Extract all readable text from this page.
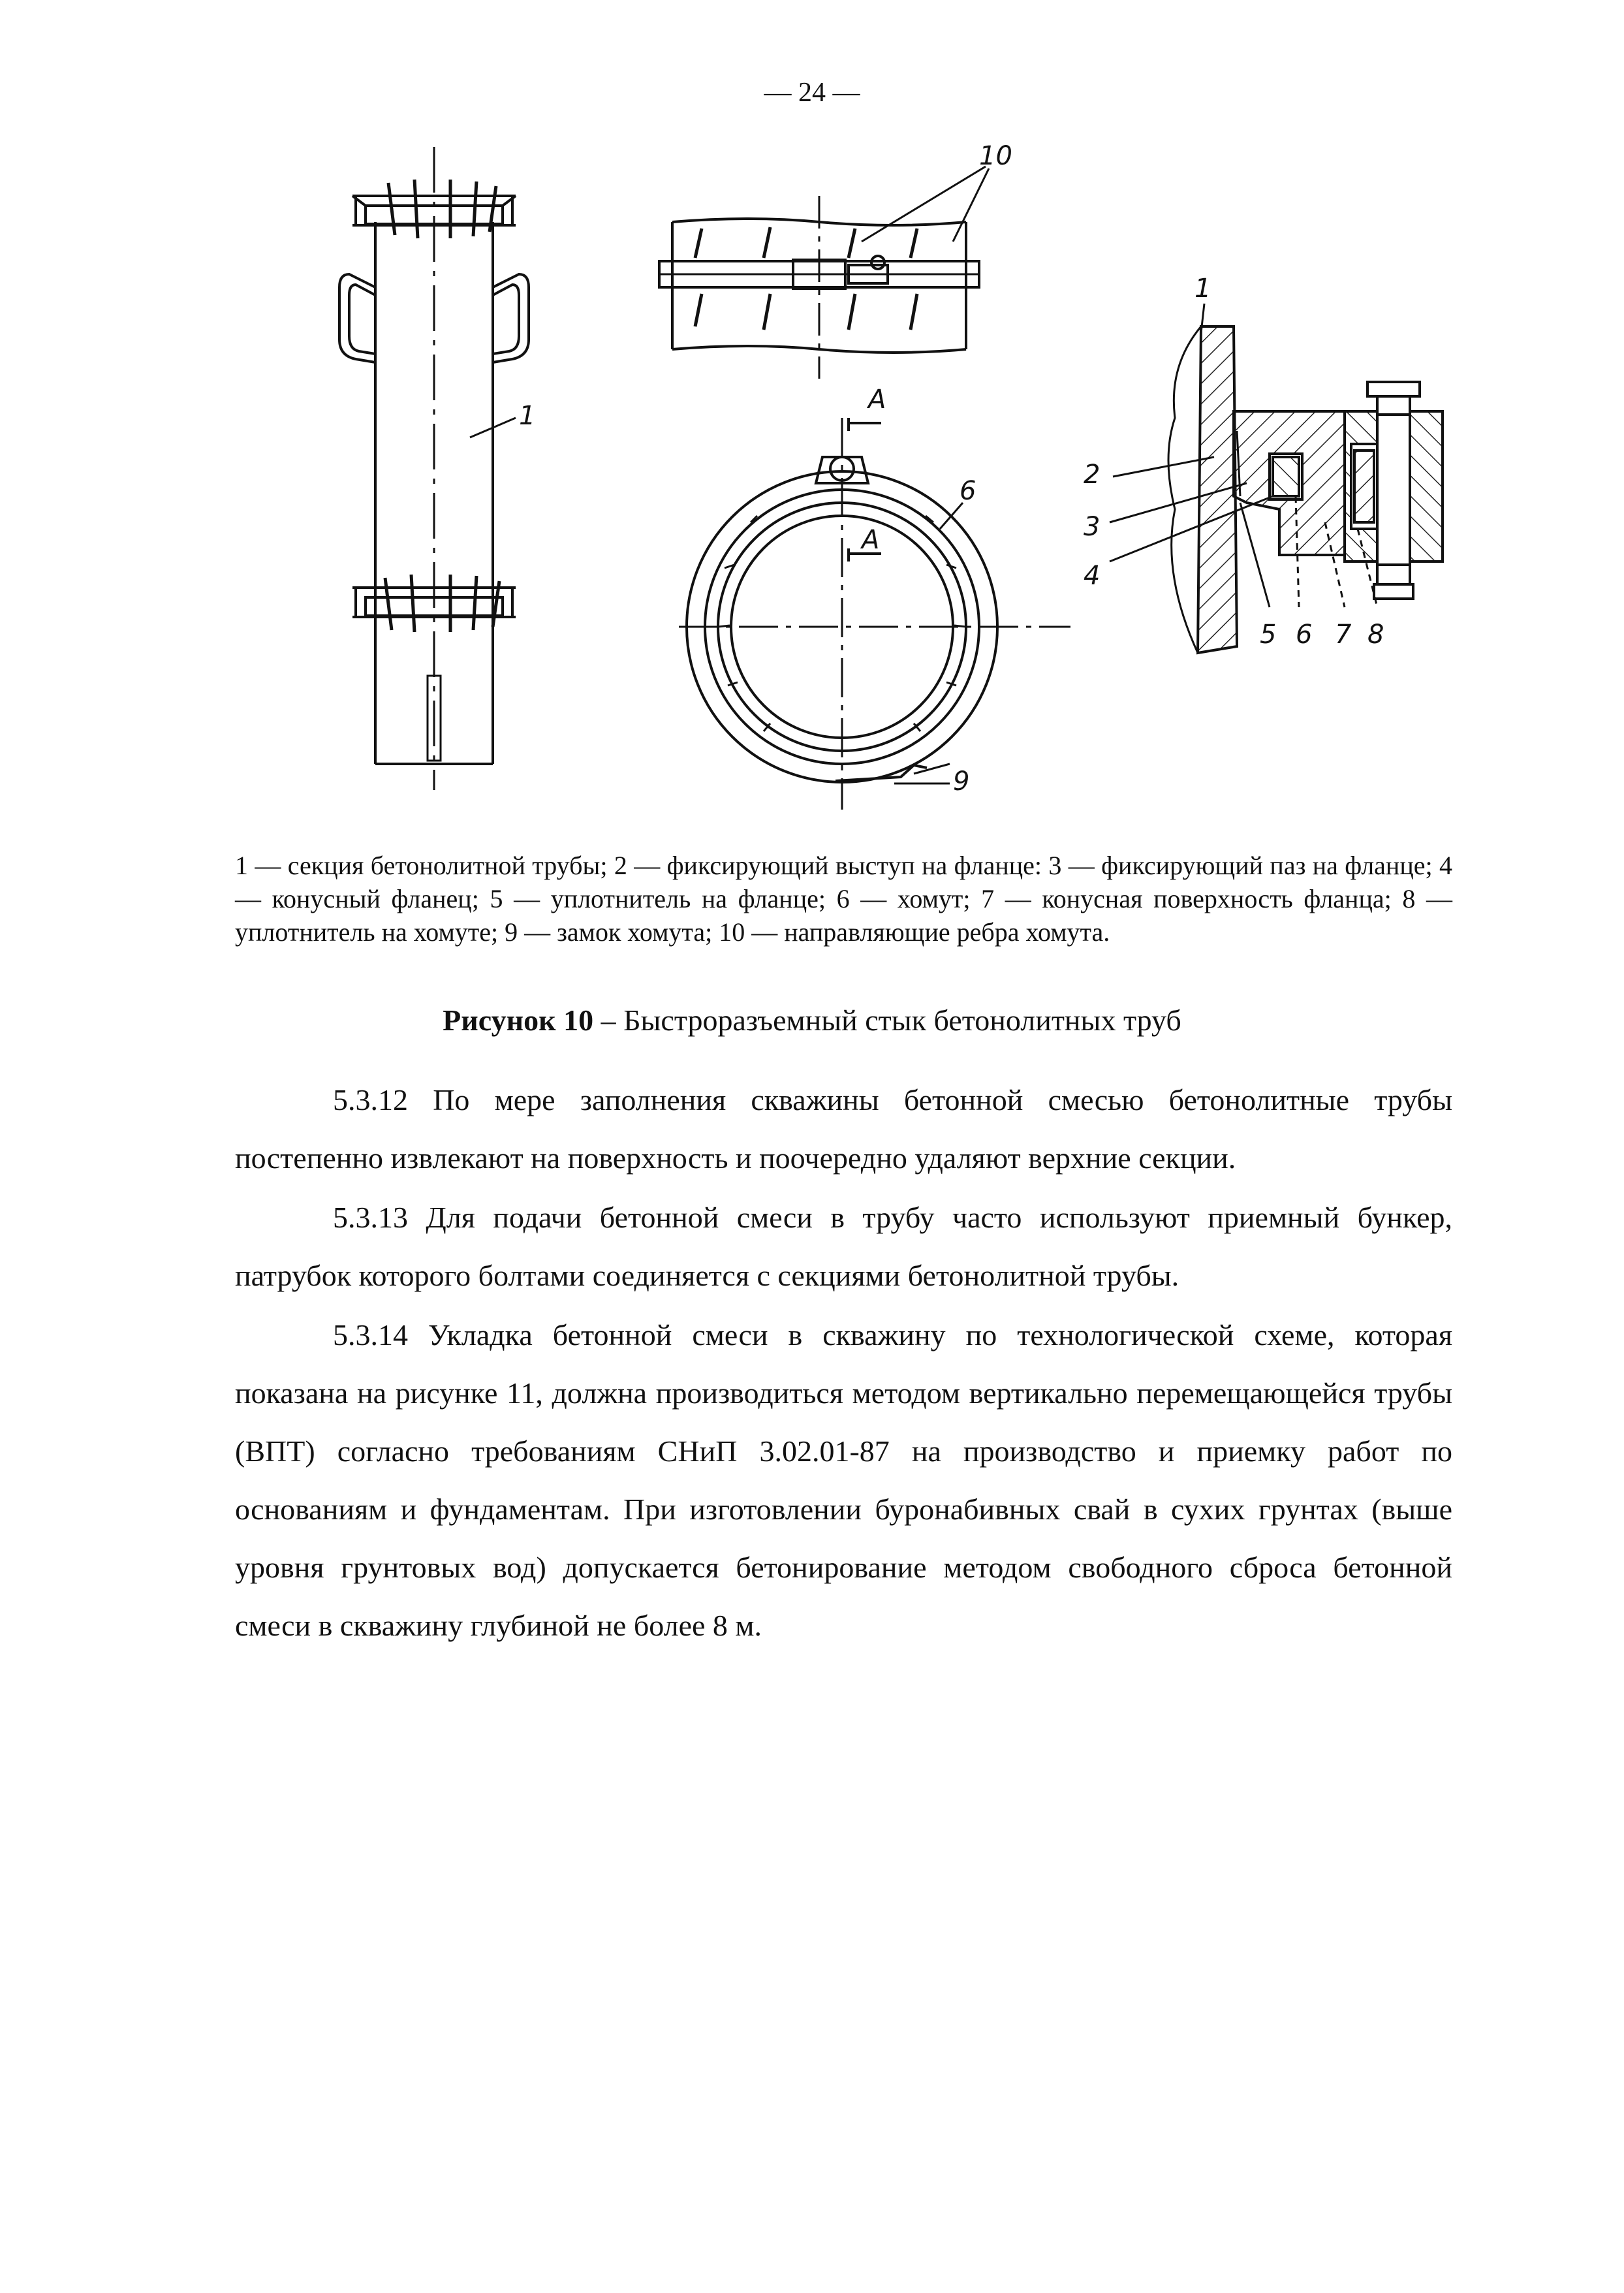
— 24 —
1
10
1
2
3
4
5 6 7 8
6
9
А
А

1 — секция бетонолитной трубы; 2 — фиксирующий выступ на фланце: 3 — фиксирующий паз на фланце; 4 — конусный фланец; 5 — уплотнитель на фланце; 6 — хомут; 7 — конусная поверхность фланца; 8 — уплотнитель на хомуте; 9 — замок хомута; 10 — направляющие ребра хомута.

Рисунок 10 – Быстроразъемный стык бетонолитных труб

5.3.12 По мере заполнения скважины бетонной смесью бетонолитные трубы постепенно извлекают на поверхность и поочередно удаляют верхние секции.

5.3.13 Для подачи бетонной смеси в трубу часто используют приемный бункер, патрубок которого болтами соединяется с секциями бетонолитной трубы.

5.3.14 Укладка бетонной смеси в скважину по технологической схеме, которая показана на рисунке 11, должна производиться методом вертикально перемещающейся трубы (ВПТ) согласно требованиям СНиП 3.02.01-87 на производство и приемку работ по основаниям и фундаментам. При изготовлении буронабивных свай в сухих грунтах (выше уровня грунтовых вод) допускается бетонирование методом свободного сброса бетонной смеси в скважину глубиной не более 8 м.
